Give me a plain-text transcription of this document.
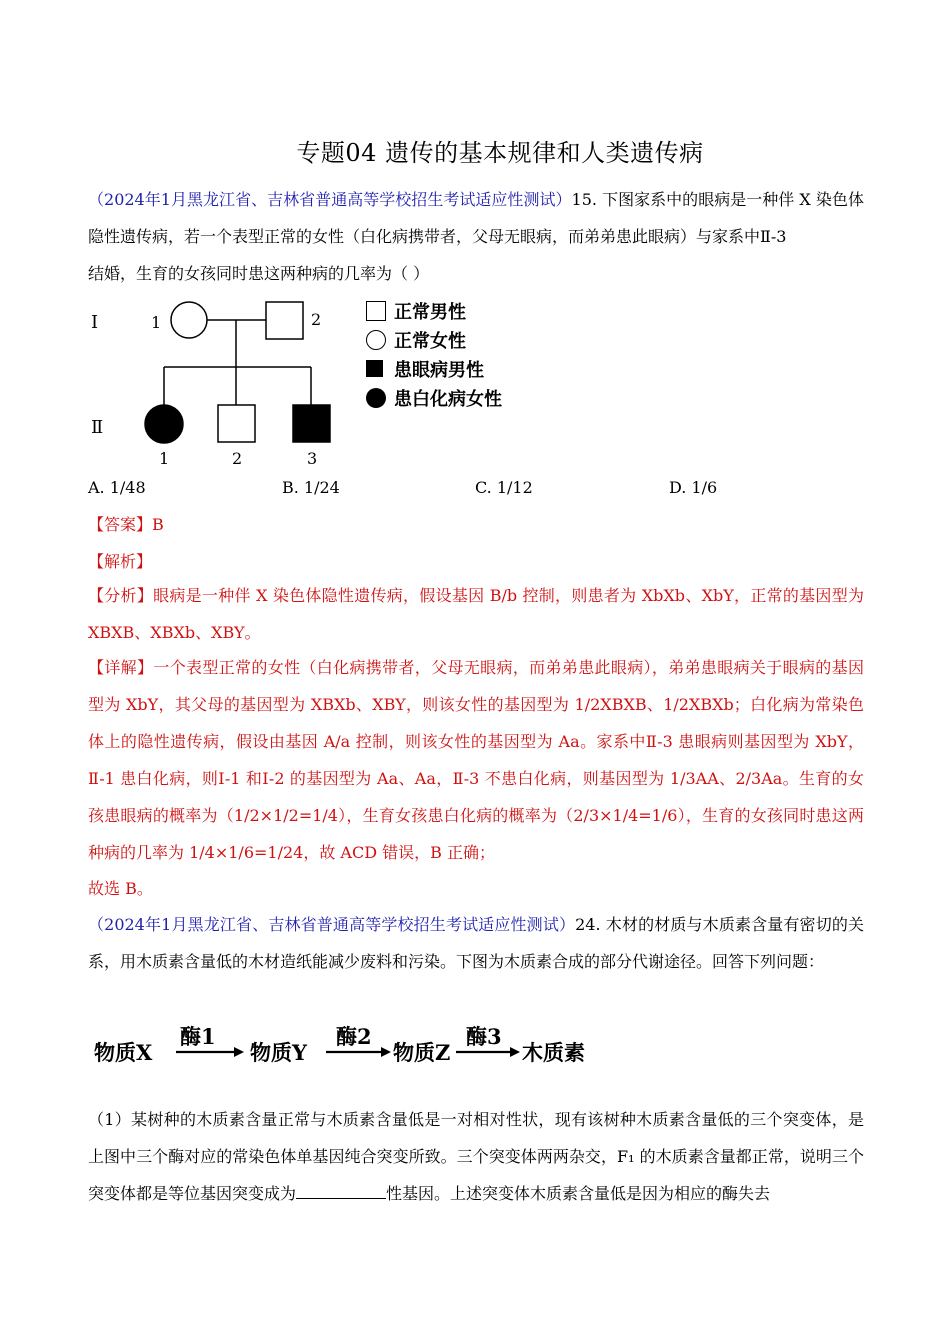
专题04 遗传的基本规律和人类遗传病
（2024年1月黑龙江省、吉林省普通高等学校招生考试适应性测试）15. 下图家系中的眼病是一种伴 X 染色体隐性遗传病，若一个表型正常的女性（白化病携带者，父母无眼病，而弟弟患此眼病）与家系中Ⅱ-3
结婚，生育的女孩同时患这两种病的几率为（ ）
Ⅰ
Ⅱ
1	2
1	2	3
正常男性
正常女性
患眼病男性
患白化病女性
A. 1/48	B. 1/24	C. 1/12	D. 1/6
【答案】B
【解析】
【分析】眼病是一种伴 X 染色体隐性遗传病，假设基因 B/b 控制，则患者为 XbXb、XbY，正常的基因型为 XBXB、XBXb、XBY。
【详解】一个表型正常的女性（白化病携带者，父母无眼病，而弟弟患此眼病），弟弟患眼病关于眼病的基因型为 XbY，其父母的基因型为 XBXb、XBY，则该女性的基因型为 1/2XBXB、1/2XBXb；白化病为常染色体上的隐性遗传病，假设由基因 A/a 控制，则该女性的基因型为 Aa。家系中Ⅱ-3 患眼病则基因型为 XbY，Ⅱ-1 患白化病，则Ⅰ-1 和Ⅰ-2 的基因型为 Aa、Aa，Ⅱ-3 不患白化病，则基因型为 1/3AA、2/3Aa。生育的女孩患眼病的概率为（1/2×1/2=1/4），生育女孩患白化病的概率为（2/3×1/4=1/6），生育的女孩同时患这两种病的几率为 1/4×1/6=1/24，故 ACD 错误，B 正确；
故选 B。
（2024年1月黑龙江省、吉林省普通高等学校招生考试适应性测试）24. 木材的材质与木质素含量有密切的关系，用木质素含量低的木材造纸能减少废料和污染。下图为木质素合成的部分代谢途径。回答下列问题：
物质X
酶1
物质Y
酶2
物质Z
酶3
木质素
（1）某树种的木质素含量正常与木质素含量低是一对相对性状，现有该树种木质素含量低的三个突变体，是上图中三个酶对应的常染色体单基因纯合突变所致。三个突变体两两杂交，F₁ 的木质素含量都正常，说明三个突变体都是等位基因突变成为	性基因。上述突变体木质素含量低是因为相应的酶失去
